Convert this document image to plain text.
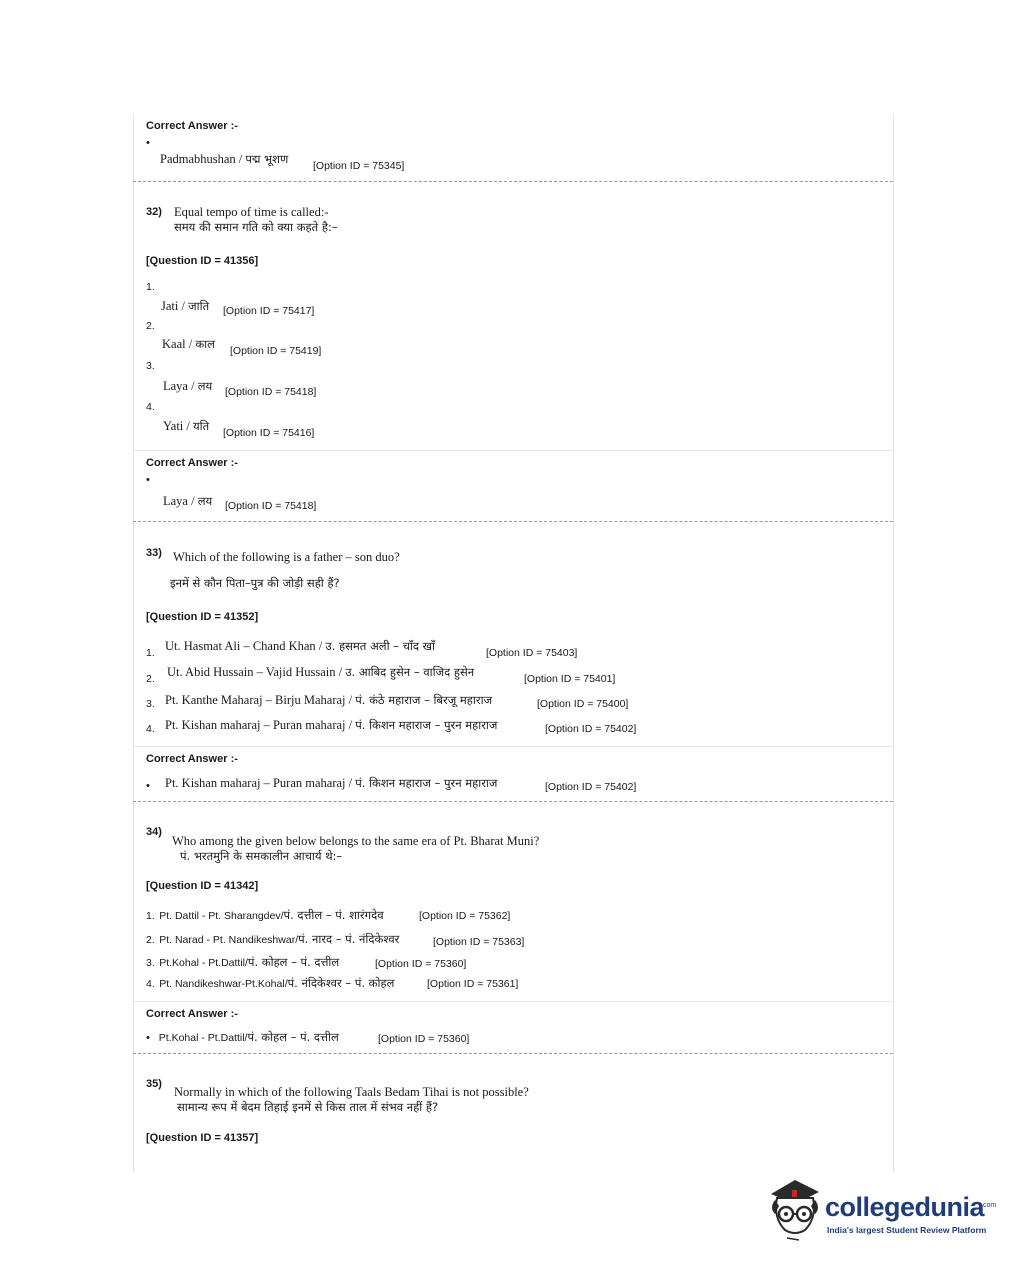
Correct Answer :-
•
Padmabhushan / पद्म भूशण [Option ID = 75345]
32) Equal tempo of time is called:-
समय की समान गति को क्या कहते है:–
[Question ID = 41356]
1.
Jati / जाति [Option ID = 75417]
2.
Kaal / काल [Option ID = 75419]
3.
Laya / लय [Option ID = 75418]
4.
Yati / यति [Option ID = 75416]
Correct Answer :-
•
Laya / लय [Option ID = 75418]
33) Which of the following is a father – son duo?
इनमें से कौन पिता–पुत्र की जोड़ी सही हैं?
[Question ID = 41352]
1. Ut. Hasmat Ali – Chand Khan / उ. हसमत अली – चाँद खाँ	[Option ID = 75403]
2. Ut. Abid Hussain – Vajid Hussain / उ. आबिद हुसेन – वाजिद हुसेन	[Option ID = 75401]
3. Pt. Kanthe Maharaj – Birju Maharaj / पं. कंठे महाराज – बिरजू महाराज	[Option ID = 75400]
4. Pt. Kishan maharaj – Puran maharaj / पं. किशन महाराज – पुरन महाराज	[Option ID = 75402]
Correct Answer :-
• Pt. Kishan maharaj – Puran maharaj / पं. किशन महाराज – पुरन महाराज	[Option ID = 75402]
34)
Who among the given below belongs to the same era of Pt. Bharat Muni?
पं. भरतमुनि के समकालीन आचार्य थे:–
[Question ID = 41342]
1. Pt. Dattil - Pt. Sharangdev/पं. दत्तील – पं. शारंगदेव	[Option ID = 75362]
2. Pt. Narad - Pt. Nandikeshwar/पं. नारद – पं. नंदिकेश्वर	[Option ID = 75363]
3. Pt.Kohal - Pt.Dattil/पं. कोहल – पं. दत्तील	[Option ID = 75360]
4. Pt. Nandikeshwar-Pt.Kohal/पं. नंदिकेश्वर – पं. कोहल	[Option ID = 75361]
Correct Answer :-
• Pt.Kohal - Pt.Dattil/पं. कोहल – पं. दत्तील	[Option ID = 75360]
35)
Normally in which of the following Taals Bedam Tihai is not possible?
सामान्य रूप में बेदम तिहाई इनमें से किस ताल में संभव नहीं हैं?
[Question ID = 41357]
collegedunia
.com
India's largest Student Review Platform
